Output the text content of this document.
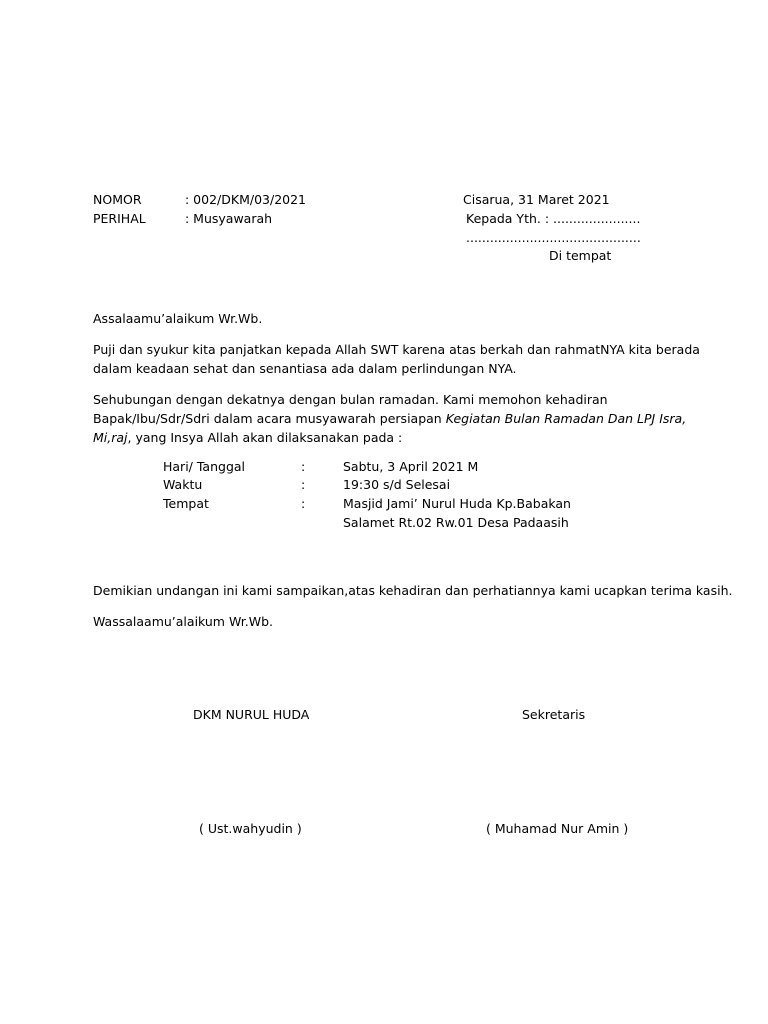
NOMOR	: 002/DKM/03/2021
PERIHAL	: Musyawarah
Cisarua, 31 Maret 2021
Kepada Yth. : ......................
............................................
Di tempat
Assalaamu’alaikum Wr.Wb.
Puji dan syukur kita panjatkan kepada Allah SWT karena atas berkah dan rahmatNYA kita berada
dalam keadaan sehat dan senantiasa ada dalam perlindungan NYA.
Sehubungan dengan dekatnya dengan bulan ramadan. Kami memohon kehadiran
Bapak/Ibu/Sdr/Sdri dalam acara musyawarah persiapan Kegiatan Bulan Ramadan Dan LPJ Isra,
Mi,raj, yang Insya Allah akan dilaksanakan pada :
Hari/ Tanggal	:	Sabtu, 3 April 2021 M
Waktu	:	19:30 s/d Selesai
Tempat	:	Masjid Jami’ Nurul Huda Kp.Babakan
Salamet Rt.02 Rw.01 Desa Padaasih
Demikian undangan ini kami sampaikan,atas kehadiran dan perhatiannya kami ucapkan terima kasih.
Wassalaamu’alaikum Wr.Wb.
DKM NURUL HUDA	Sekretaris
( Ust.wahyudin )	( Muhamad Nur Amin )
